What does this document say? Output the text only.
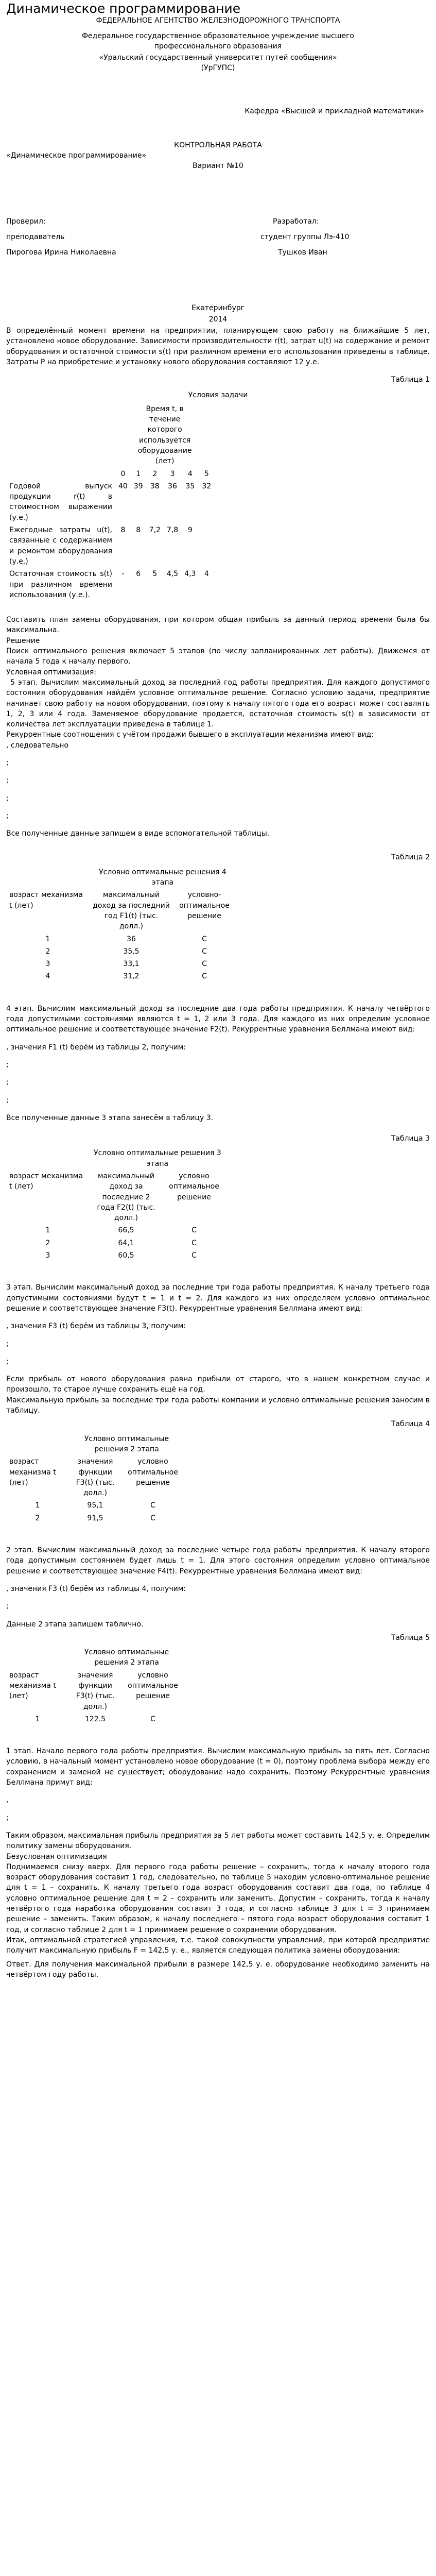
Динамическое программирование
ФЕДЕРАЛЬНОЕ АГЕНТСТВО ЖЕЛЕЗНОДОРОЖНОГО ТРАНСПОРТА
Федеральное государственное образовательное учреждение высшего
профессионального образования
«Уральский государственный университет путей сообщения»
(УрГУПС)
Кафедра «Высшей и прикладной математики»
КОНТРОЛЬНАЯ РАБОТА
«Динамическое программирование»
Вариант №10
Проверил:	Разработал:
преподаватель	студент группы Лэ-410
Пирогова Ирина Николаевна	Тушков Иван
Екатеринбург
2014

В определённый момент времени на предприятии, планирующем свою работу на ближайшие 5 лет, установлено новое оборудование. Зависимости производительности r(t), затрат u(t) на содержание и ремонт оборудования и остаточной стоимости s(t) при различном времени его использования приведены в таблице. Затраты P на приобретение и установку нового оборудования составляют 12 у.е.

Таблица 1
Условия задачи

	Время t, в течение которого используется оборудование (лет)					

	0	1	2	3	4	5
Годовой выпуск продукции r(t) в стоимостном выражении (у.е.)	40	39	38	36	35	32
Ежегодные затраты u(t), связанные с содержанием и ремонтом оборудования (у.е.)	8	8	7,2	7,8	9	
Остаточная стоимость s(t) при различном времени использования (у.е.).	-	6	5	4,5	4,3	4

Составить план замены оборудования, при котором общая прибыль за данный период времени была бы максимальна.

Решение

Поиск оптимального решения включает 5 этапов (по числу запланированных лет работы). Движемся от начала 5 года к началу первого.

Условная оптимизация:

5 этап. Вычислим максимальный доход за последний год работы предприятия. Для каждого допустимого состояния оборудования найдём условное оптимальное решение. Согласно условию задачи, предприятие начинает свою работу на новом оборудовании, поэтому к началу пятого года его возраст может составлять 1, 2, 3 или 4 года. Заменяемое оборудование продается, остаточная стоимость s(t) в зависимости от количества лет эксплуатации приведена в таблице 1.

Рекуррентные соотношения с учётом продажи бывшего в эксплуатации механизма имеют вид:

, следовательно

;

;

;

;

Все полученные данные запишем в виде вспомогательной таблицы.

Таблица 2
	Условно оптимальные решения 4 этапа	
возраст механизма t (лет)	максимальный доход за последний год F1(t) (тыс. долл.)	условно-оптимальное решение
1	36	С
2	35,5	С
3	33,1	С
4	31,2	С

4 этап. Вычислим максимальный доход за последние два года работы предприятия. К началу четвёртого года допустимыми состояниями являются t = 1, 2 или 3 года. Для каждого из них определим условное оптимальное решение и соответствующее значение F2(t). Рекуррентные уравнения Беллмана имеют вид:

, значения F1 (t) берём из таблицы 2, получим:

;

;

;

Все полученные данные 3 этапа занесём в таблицу 3.

Таблица 3
	Условно оптимальные решения 3 этапа	
возраст механизма t (лет)	максимальный доход за последние 2 года F2(t) (тыс. долл.)	условно оптимальное решение
1	66,5	С
2	64,1	С
3	60,5	С

3 этап. Вычислим максимальный доход за последние три года работы предприятия. К началу третьего года допустимыми состояниями будут t = 1 и t = 2. Для каждого из них определяем условно оптимальное решение и соответствующее значение F3(t). Рекуррентные уравнения Беллмана имеют вид:

, значения F3 (t) берём из таблицы 3, получим:

;

;

Если прибыль от нового оборудования равна прибыли от старого, что в нашем конкретном случае и произошло, то старое лучше сохранить ещё на год.

Максимальную прибыль за последние три года работы компании и условно оптимальные решения заносим в таблицу.

Таблица 4
	Условно оптимальные решения 2 этапа	
возраст механизма t (лет)	значения функции F3(t) (тыс. долл.)	условно оптимальное решение
1	95,1	С
2	91,5	С

2 этап. Вычислим максимальный доход за последние четыре года работы предприятия. К началу второго года допустимым состоянием будет лишь t = 1. Для этого состояния определим условно оптимальное решение и соответствующее значение F4(t). Рекуррентные уравнения Беллмана имеют вид:

, значения F3 (t) берём из таблицы 4, получим:

;

Данные 2 этапа запишем таблично.

Таблица 5
	Условно оптимальные решения 2 этапа	
возраст механизма t (лет)	значения функции F3(t) (тыс. долл.)	условно оптимальное решение
1	122.5	С

1 этап. Начало первого года работы предприятия. Вычислим максимальную прибыль за пять лет. Согласно условию, в начальный момент установлено новое оборудование (t = 0), поэтому проблема выбора между его сохранением и заменой не существует; оборудование надо сохранить. Поэтому Рекуррентные уравнения Беллмана примут вид:

,

;

Таким образом, максимальная прибыль предприятия за 5 лет работы может составить 142,5 у. е. Определим политику замены оборудования.

Безусловная оптимизация

Поднимаемся снизу вверх. Для первого года работы решение – сохранить, тогда к началу второго года возраст оборудования составит 1 год, следовательно, по таблице 5 находим условно-оптимальное решение для t = 1 – сохранить. К началу третьего года возраст оборудования составит два года, по таблице 4 условно оптимальное решение для t = 2 – сохранить или заменить. Допустим – сохранить, тогда к началу четвёртого года наработка оборудования составит 3 года, и согласно таблице 3 для t = 3 принимаем решение – заменить. Таким образом, к началу последнего – пятого года возраст оборудования составит 1 год, и согласно таблице 2 для t = 1 принимаем решение о сохранении оборудования.

Итак, оптимальной стратегией управления, т.е. такой совокупности управлений, при которой предприятие получит максимальную прибыль F = 142,5 у. е., является следующая политика замены оборудования:

Ответ. Для получения максимальной прибыли в размере 142,5 у. е. оборудование необходимо заменить на четвёртом году работы.
